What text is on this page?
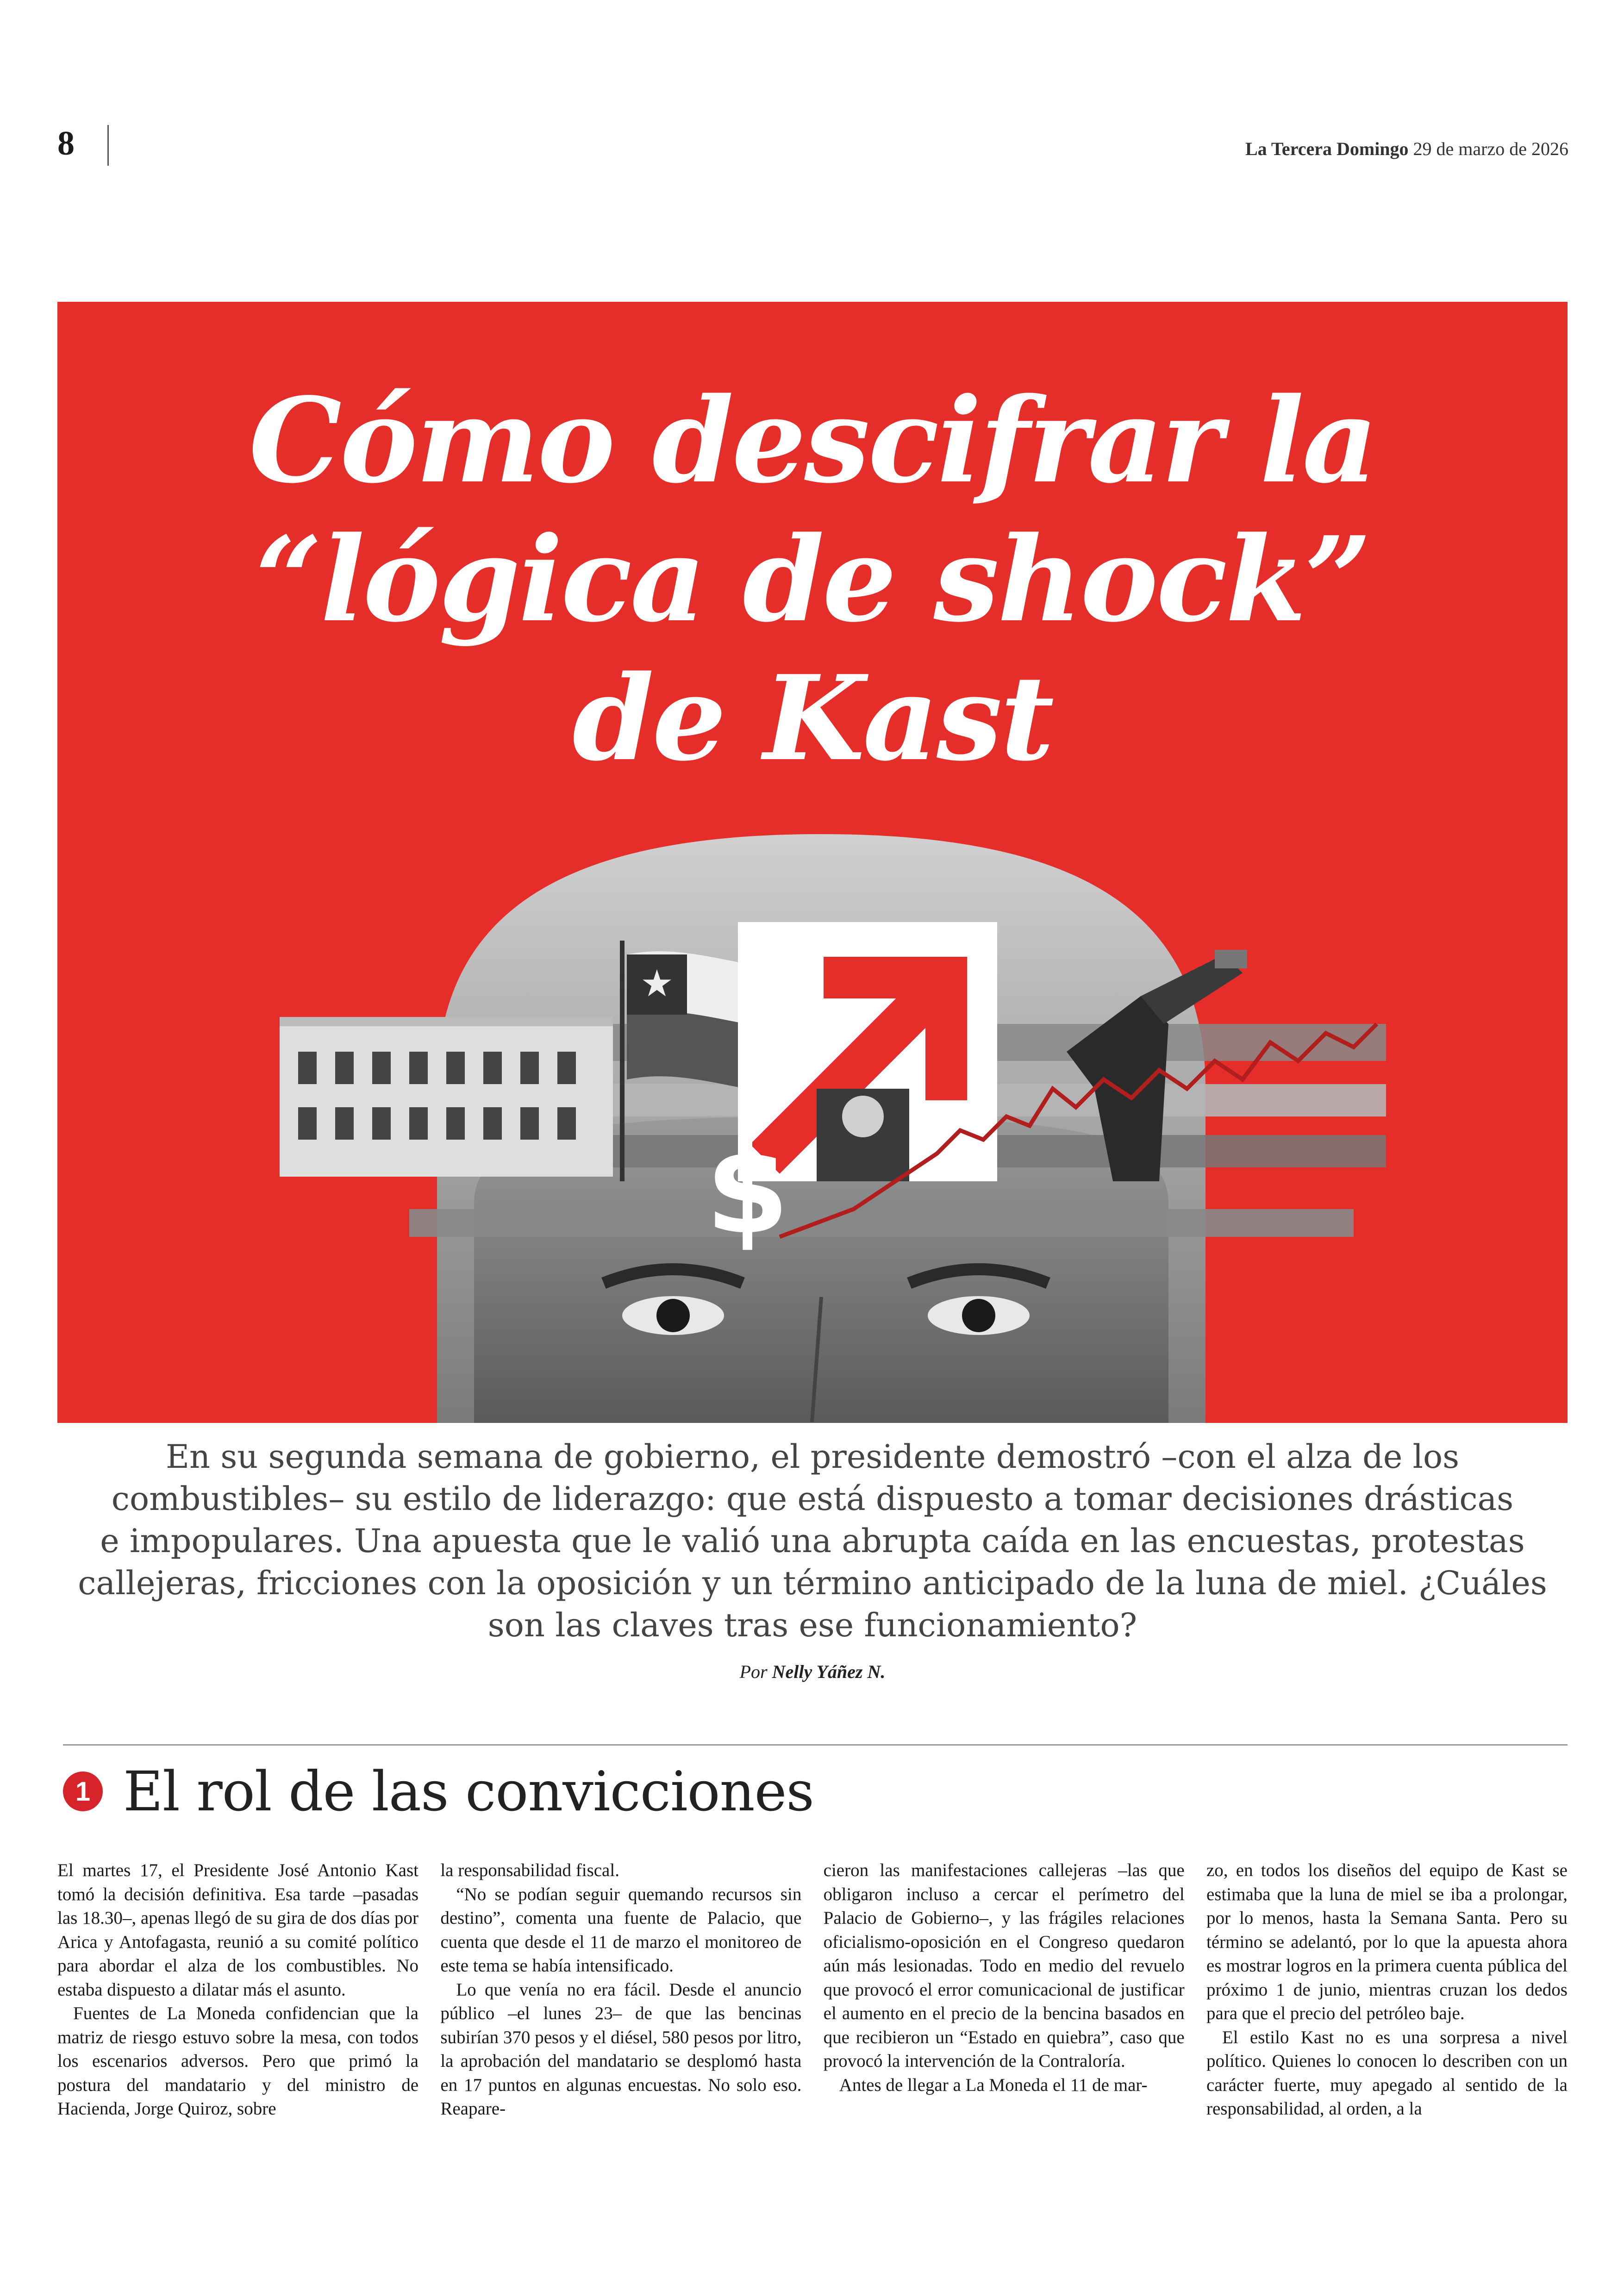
8	La Tercera Domingo 29 de marzo de 2026
★
$
Cómo descifrar la
“lógica de shock”
de Kast
En su segunda semana de gobierno, el presidente demostró –con el alza de los
combustibles– su estilo de liderazgo: que está dispuesto a tomar decisiones drásticas
e impopulares. Una apuesta que le valió una abrupta caída en las encuestas, protestas
callejeras, fricciones con la oposición y un término anticipado de la luna de miel. ¿Cuáles
son las claves tras ese funcionamiento?
Por Nelly Yáñez N.
1 El rol de las convicciones

El martes 17, el Presidente José Antonio Kast tomó la decisión definitiva. Esa tarde –pasadas las 18.30–, apenas llegó de su gira de dos días por Arica y Antofagasta, reunió a su comité político para abordar el alza de los combustibles. No estaba dispuesto a dilatar más el asunto.

Fuentes de La Moneda confidencian que la matriz de riesgo estuvo sobre la mesa, con todos los escenarios adversos. Pero que primó la postura del mandatario y del ministro de Hacienda, Jorge Quiroz, sobre

la responsabilidad fiscal.

“No se podían seguir quemando recursos sin destino”, comenta una fuente de Palacio, que cuenta que desde el 11 de marzo el monitoreo de este tema se había intensificado.

Lo que venía no era fácil. Desde el anuncio público –el lunes 23– de que las bencinas subirían 370 pesos y el diésel, 580 pesos por litro, la aprobación del mandatario se desplomó hasta en 17 puntos en algunas encuestas. No solo eso. Reapare-

cieron las manifestaciones callejeras –las que obligaron incluso a cercar el perímetro del Palacio de Gobierno–, y las frágiles relaciones oficialismo-oposición en el Congreso quedaron aún más lesionadas. Todo en medio del revuelo que provocó el error comunicacional de justificar el aumento en el precio de la bencina basados en que recibieron un “Estado en quiebra”, caso que provocó la intervención de la Contraloría.

Antes de llegar a La Moneda el 11 de mar-

zo, en todos los diseños del equipo de Kast se estimaba que la luna de miel se iba a prolongar, por lo menos, hasta la Semana Santa. Pero su término se adelantó, por lo que la apuesta ahora es mostrar logros en la primera cuenta pública del próximo 1 de junio, mientras cruzan los dedos para que el precio del petróleo baje.

El estilo Kast no es una sorpresa a nivel político. Quienes lo conocen lo describen con un carácter fuerte, muy apegado al sentido de la responsabilidad, al orden, a la
